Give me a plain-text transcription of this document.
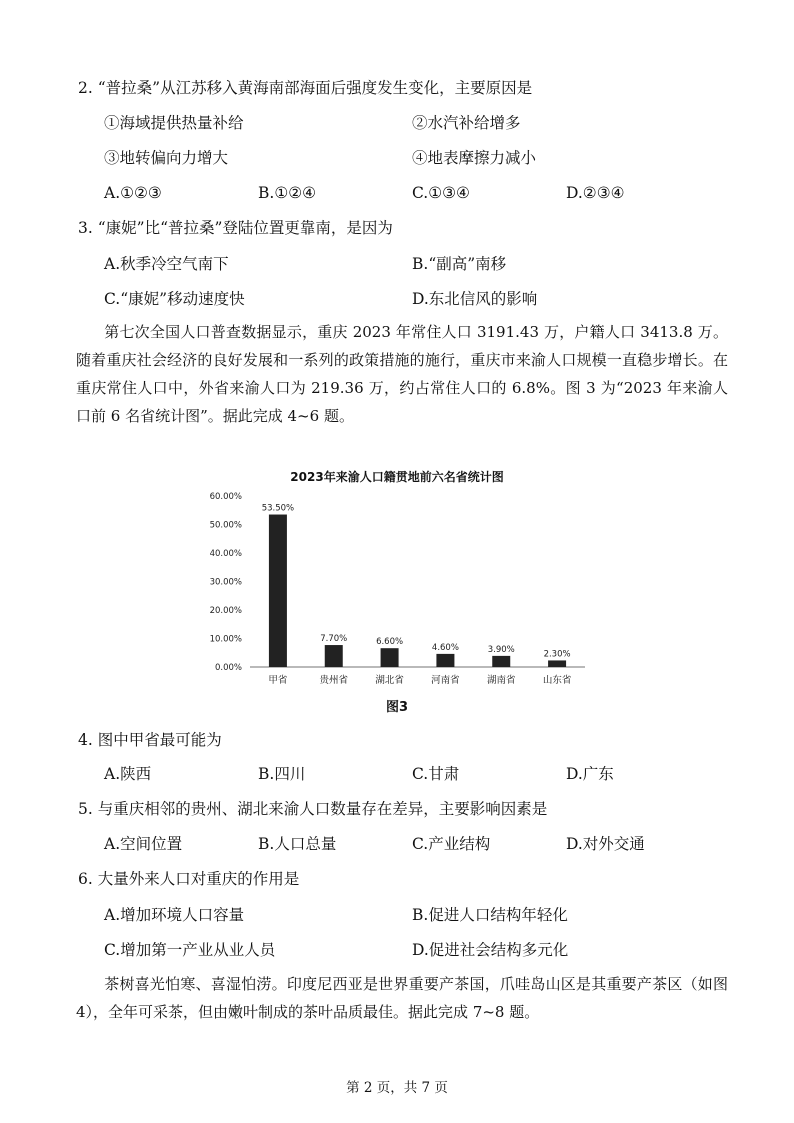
2. “普拉桑”从江苏移入黄海南部海面后强度发生变化，主要原因是
①海域提供热量补给	②水汽补给增多
③地转偏向力增大	④地表摩擦力减小
A.①②③	B.①②④	C.①③④	D.②③④
3. “康妮”比“普拉桑”登陆位置更靠南，是因为
A.秋季冷空气南下	B.“副高”南移
C.“康妮”移动速度快	D.东北信风的影响
第七次全国人口普查数据显示，重庆 2023 年常住人口 3191.43 万，户籍人口 3413.8 万。随着重庆社会经济的良好发展和一系列的政策措施的施行，重庆市来渝人口规模一直稳步增长。在重庆常住人口中，外省来渝人口为 219.36 万，约占常住人口的 6.8%。图 3 为“2023 年来渝人口前 6 名省统计图”。据此完成 4~6 题。
2023年来渝人口籍贯地前六名省统计图
0.00%
10.00%
20.00%
30.00%
40.00%
50.00%
60.00%
53.50%
甲省
7.70%
贵州省
6.60%
湖北省
4.60%
河南省
3.90%
湖南省
2.30%
山东省
图3
4. 图中甲省最可能为
A.陕西	B.四川	C.甘肃	D.广东
5. 与重庆相邻的贵州、湖北来渝人口数量存在差异，主要影响因素是
A.空间位置	B.人口总量	C.产业结构	D.对外交通
6. 大量外来人口对重庆的作用是
A.增加环境人口容量	B.促进人口结构年轻化
C.增加第一产业从业人员	D.促进社会结构多元化
茶树喜光怕寒、喜湿怕涝。印度尼西亚是世界重要产茶国，爪哇岛山区是其重要产茶区（如图 4），全年可采茶，但由嫩叶制成的茶叶品质最佳。据此完成 7~8 题。
第 2 页，共 7 页
